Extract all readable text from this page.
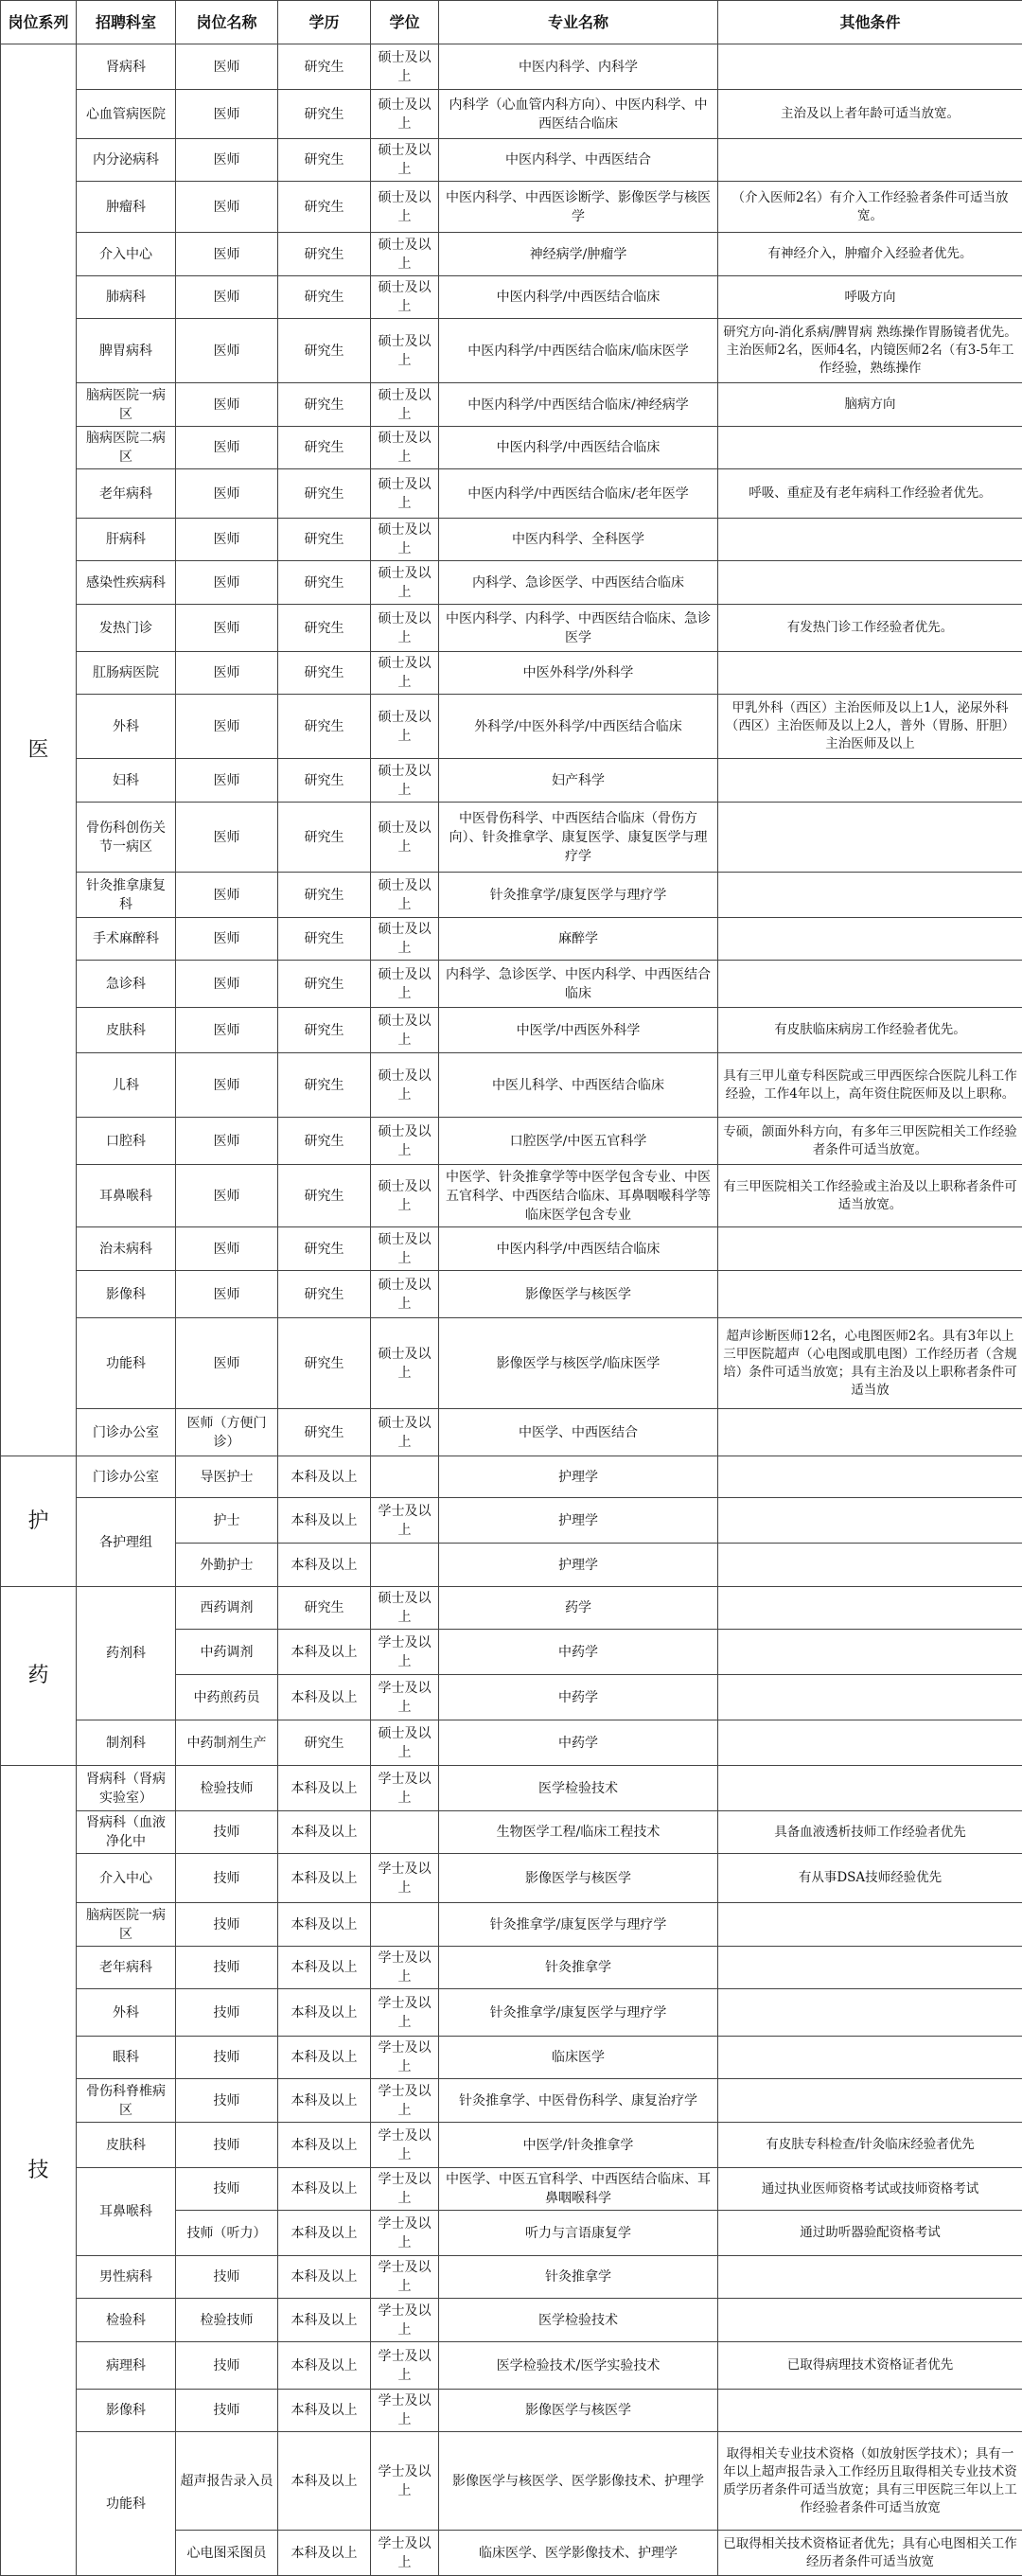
岗位系列	招聘科室	岗位名称	学历	学位	专业名称	其他条件
医	肾病科	医师	研究生	硕士及以上	中医内科学、内科学	
	心血管病医院	医师	研究生	硕士及以上	内科学（心血管内科方向）、中医内科学、中西医结合临床	主治及以上者年龄可适当放宽。
	内分泌病科	医师	研究生	硕士及以上	中医内科学、中西医结合	
	肿瘤科	医师	研究生	硕士及以上	中医内科学、中西医诊断学、影像医学与核医学	（介入医师2名）有介入工作经验者条件可适当放宽。
	介入中心	医师	研究生	硕士及以上	神经病学/肿瘤学	有神经介入，肿瘤介入经验者优先。
	肺病科	医师	研究生	硕士及以上	中医内科学/中西医结合临床	呼吸方向
	脾胃病科	医师	研究生	硕士及以上	中医内科学/中西医结合临床/临床医学	研究方向-消化系病/脾胃病 熟练操作胃肠镜者优先。主治医师2名，医师4名，内镜医师2名（有3-5年工作经验，熟练操作
	脑病医院一病区	医师	研究生	硕士及以上	中医内科学/中西医结合临床/神经病学	脑病方向
	脑病医院二病区	医师	研究生	硕士及以上	中医内科学/中西医结合临床	
	老年病科	医师	研究生	硕士及以上	中医内科学/中西医结合临床/老年医学	呼吸、重症及有老年病科工作经验者优先。
	肝病科	医师	研究生	硕士及以上	中医内科学、全科医学	
	感染性疾病科	医师	研究生	硕士及以上	内科学、急诊医学、中西医结合临床	
	发热门诊	医师	研究生	硕士及以上	中医内科学、内科学、中西医结合临床、急诊医学	有发热门诊工作经验者优先。
	肛肠病医院	医师	研究生	硕士及以上	中医外科学/外科学	
	外科	医师	研究生	硕士及以上	外科学/中医外科学/中西医结合临床	甲乳外科（西区）主治医师及以上1人，泌尿外科（西区）主治医师及以上2人，普外（胃肠、肝胆）主治医师及以上
	妇科	医师	研究生	硕士及以上	妇产科学	
	骨伤科创伤关节一病区	医师	研究生	硕士及以上	中医骨伤科学、中西医结合临床（骨伤方向）、针灸推拿学、康复医学、康复医学与理疗学	
	针灸推拿康复科	医师	研究生	硕士及以上	针灸推拿学/康复医学与理疗学	
	手术麻醉科	医师	研究生	硕士及以上	麻醉学	
	急诊科	医师	研究生	硕士及以上	内科学、急诊医学、中医内科学、中西医结合临床	
	皮肤科	医师	研究生	硕士及以上	中医学/中西医外科学	有皮肤临床病房工作经验者优先。
	儿科	医师	研究生	硕士及以上	中医儿科学、中西医结合临床	具有三甲儿童专科医院或三甲西医综合医院儿科工作经验，工作4年以上，高年资住院医师及以上职称。
	口腔科	医师	研究生	硕士及以上	口腔医学/中医五官科学	专硕，颌面外科方向，有多年三甲医院相关工作经验者条件可适当放宽。
	耳鼻喉科	医师	研究生	硕士及以上	中医学、针灸推拿学等中医学包含专业、中医五官科学、中西医结合临床、耳鼻咽喉科学等临床医学包含专业	有三甲医院相关工作经验或主治及以上职称者条件可适当放宽。
	治未病科	医师	研究生	硕士及以上	中医内科学/中西医结合临床	
	影像科	医师	研究生	硕士及以上	影像医学与核医学	
	功能科	医师	研究生	硕士及以上	影像医学与核医学/临床医学	超声诊断医师12名，心电图医师2名。具有3年以上三甲医院超声（心电图或肌电图）工作经历者（含规培）条件可适当放宽；具有主治及以上职称者条件可适当放
	门诊办公室	医师（方便门诊）	研究生	硕士及以上	中医学、中西医结合	
护	门诊办公室	导医护士	本科及以上		护理学	
	各护理组	护士	本科及以上	学士及以上	护理学	
		外勤护士	本科及以上		护理学	
药	药剂科	西药调剂	研究生	硕士及以上	药学	
		中药调剂	本科及以上	学士及以上	中药学	
		中药煎药员	本科及以上	学士及以上	中药学	
	制剂科	中药制剂生产	研究生	硕士及以上	中药学	
技	肾病科（肾病实验室）	检验技师	本科及以上	学士及以上	医学检验技术	
	肾病科（血液净化中	技师	本科及以上		生物医学工程/临床工程技术	具备血液透析技师工作经验者优先
	介入中心	技师	本科及以上	学士及以上	影像医学与核医学	有从事DSA技师经验优先
	脑病医院一病区	技师	本科及以上		针灸推拿学/康复医学与理疗学	
	老年病科	技师	本科及以上	学士及以上	针灸推拿学	
	外科	技师	本科及以上	学士及以上	针灸推拿学/康复医学与理疗学	
	眼科	技师	本科及以上	学士及以上	临床医学	
	骨伤科脊椎病区	技师	本科及以上	学士及以上	针灸推拿学、中医骨伤科学、康复治疗学	
	皮肤科	技师	本科及以上	学士及以上	中医学/针灸推拿学	有皮肤专科检查/针灸临床经验者优先
	耳鼻喉科	技师	本科及以上	学士及以上	中医学、中医五官科学、中西医结合临床、耳鼻咽喉科学	通过执业医师资格考试或技师资格考试
		技师（听力）	本科及以上	学士及以上	听力与言语康复学	通过助听器验配资格考试
	男性病科	技师	本科及以上	学士及以上	针灸推拿学	
	检验科	检验技师	本科及以上	学士及以上	医学检验技术	
	病理科	技师	本科及以上	学士及以上	医学检验技术/医学实验技术	已取得病理技术资格证者优先
	影像科	技师	本科及以上	学士及以上	影像医学与核医学	
	功能科	超声报告录入员	本科及以上	学士及以上	影像医学与核医学、医学影像技术、护理学	取得相关专业技术资格（如放射医学技术）；具有一年以上超声报告录入工作经历且取得相关专业技术资质学历者条件可适当放宽；具有三甲医院三年以上工作经验者条件可适当放宽
		心电图采图员	本科及以上	学士及以上	临床医学、医学影像技术、护理学	已取得相关技术资格证者优先；具有心电图相关工作经历者条件可适当放宽
